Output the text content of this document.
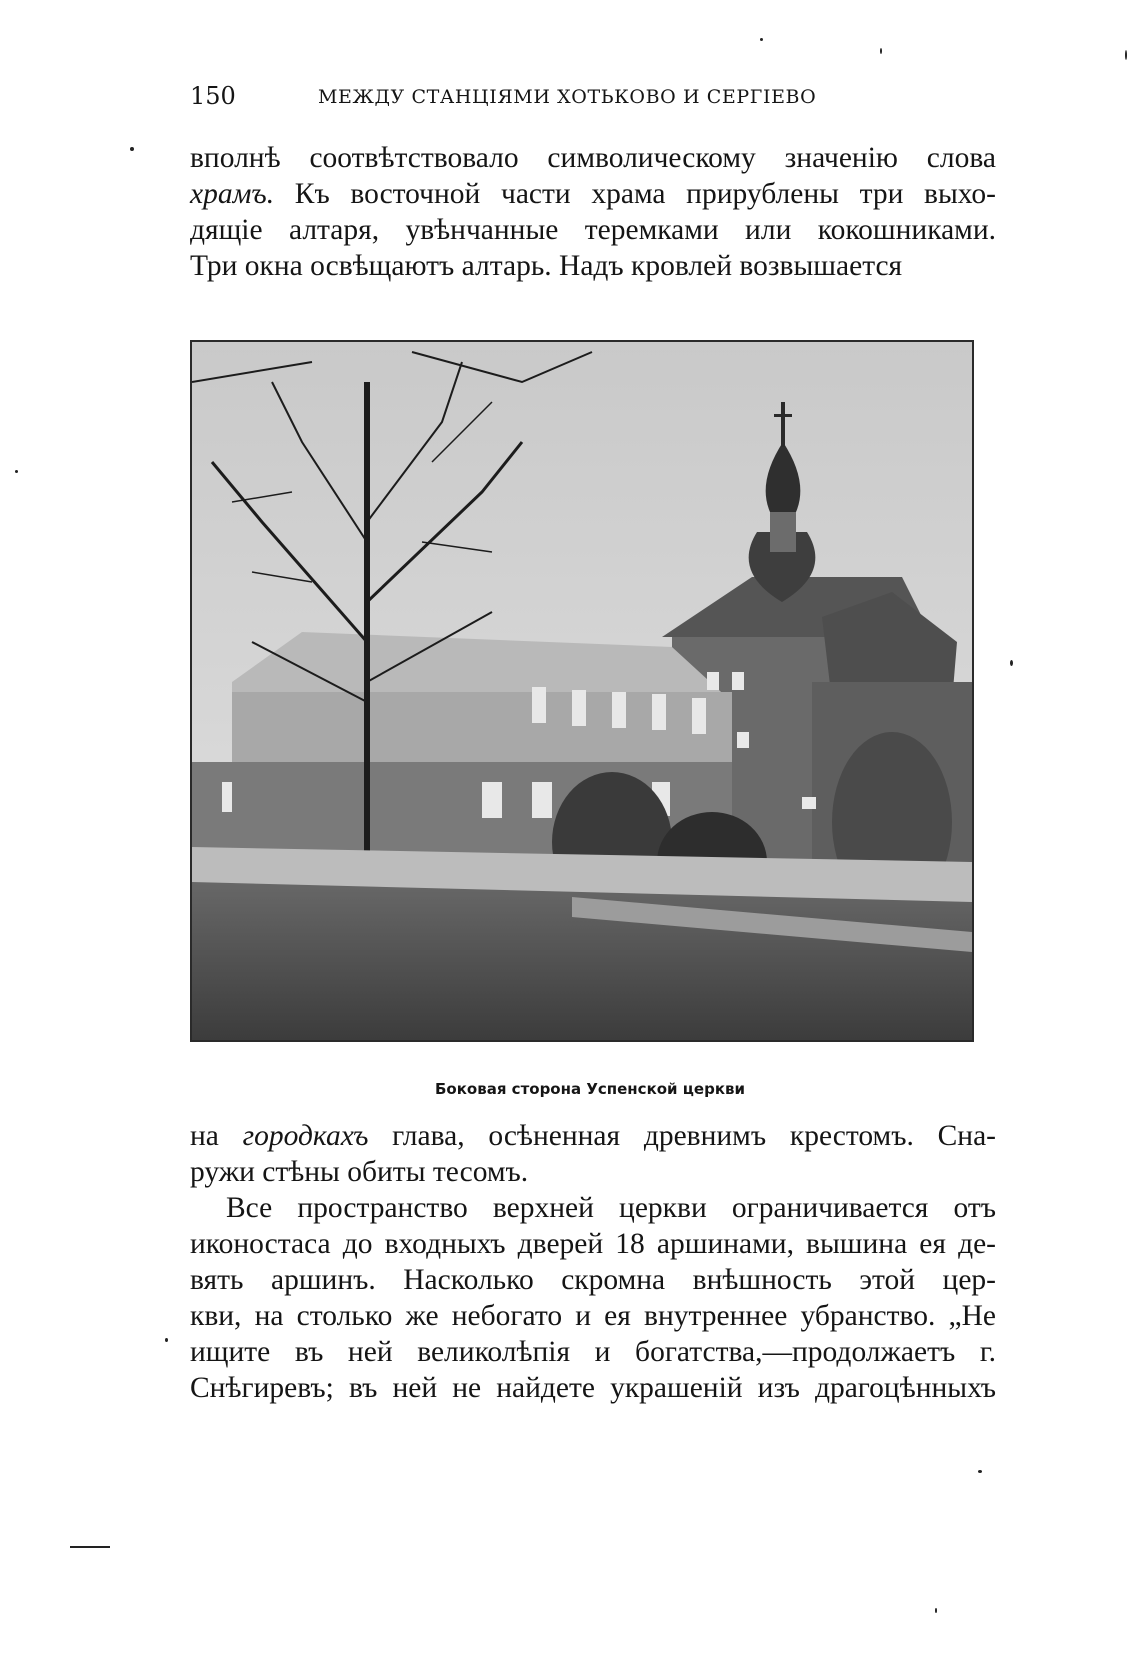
150	МЕЖДУ СТАНЦIЯМИ ХОТЬКОВО И СЕРГIЕВО
вполнѣ соотвѣтствовало символическому значенiю слова
храмъ. Къ восточной части храма прирублены три выхо-
дящiе алтаря, увѣнчанные теремками или кокошниками.
Три окна освѣщаютъ алтарь. Надъ кровлей возвышается
Боковая сторона Успенской церкви
на городкахъ глава, осѣненная древнимъ крестомъ. Сна-
ружи стѣны обиты тесомъ.
Все пространство верхней церкви ограничивается отъ
иконостаса до входныхъ дверей 18 аршинами, вышина ея де-
вять аршинъ. Насколько скромна внѣшность этой цер-
кви, на столько же небогато и ея внутреннее убранство. „Не
ищите въ ней великолѣпiя и богатства,—продолжаетъ г.
Снѣгиревъ; въ ней не найдете украшенiй изъ драгоцѣнныхъ
